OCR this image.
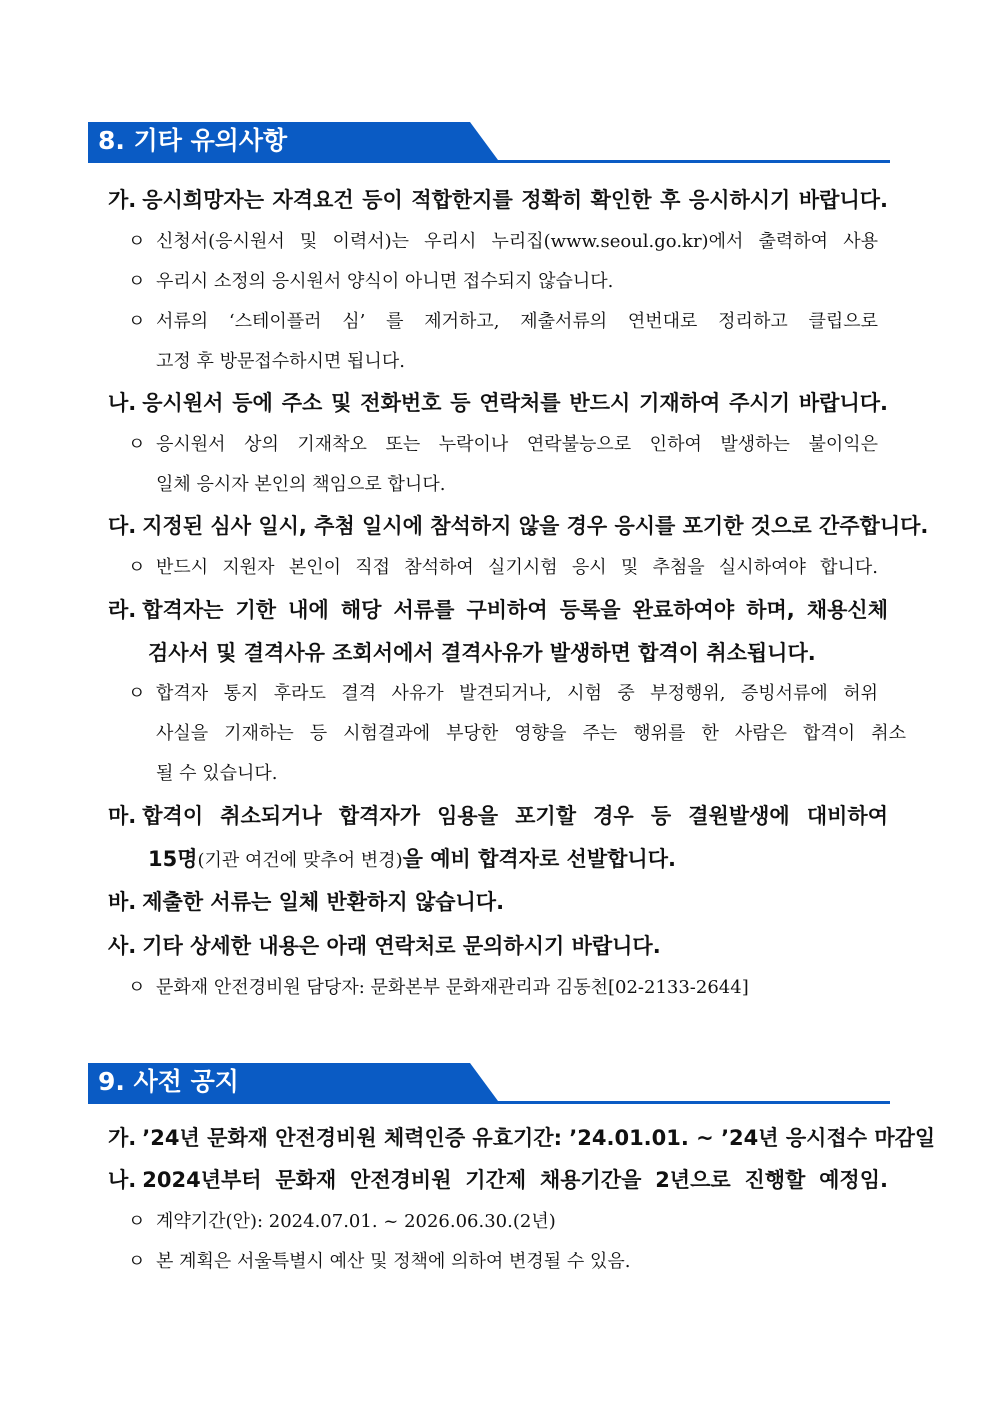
8. 기타 유의사항
가. 응시희망자는 자격요건 등이 적합한지를 정확히 확인한 후 응시하시기 바랍니다.
ㅇ 신청서(응시원서 및 이력서)는 우리시 누리집(www.seoul.go.kr)에서 출력하여 사용
ㅇ 우리시 소정의 응시원서 양식이 아니면 접수되지 않습니다.
ㅇ 서류의 ‘스테이플러 심’ 를 제거하고, 제출서류의 연번대로 정리하고 클립으로
고정 후 방문접수하시면 됩니다.
나. 응시원서 등에 주소 및 전화번호 등 연락처를 반드시 기재하여 주시기 바랍니다.
ㅇ 응시원서 상의 기재착오 또는 누락이나 연락불능으로 인하여 발생하는 불이익은
일체 응시자 본인의 책임으로 합니다.
다. 지정된 심사 일시, 추첨 일시에 참석하지 않을 경우 응시를 포기한 것으로 간주합니다.
ㅇ 반드시 지원자 본인이 직접 참석하여 실기시험 응시 및 추첨을 실시하여야 합니다.
라. 합격자는 기한 내에 해당 서류를 구비하여 등록을 완료하여야 하며, 채용신체
검사서 및 결격사유 조회서에서 결격사유가 발생하면 합격이 취소됩니다.
ㅇ 합격자 통지 후라도 결격 사유가 발견되거나, 시험 중 부정행위, 증빙서류에 허위
사실을 기재하는 등 시험결과에 부당한 영향을 주는 행위를 한 사람은 합격이 취소
될 수 있습니다.
마. 합격이 취소되거나 합격자가 임용을 포기할 경우 등 결원발생에 대비하여
15명(기관 여건에 맞추어 변경)을 예비 합격자로 선발합니다.
바. 제출한 서류는 일체 반환하지 않습니다.
사. 기타 상세한 내용은 아래 연락처로 문의하시기 바랍니다.
ㅇ 문화재 안전경비원 담당자: 문화본부 문화재관리과 김동천[02-2133-2644]
9. 사전 공지
가. ’24년 문화재 안전경비원 체력인증 유효기간: ’24.01.01. ~ ’24년 응시접수 마감일
나. 2024년부터 문화재 안전경비원 기간제 채용기간을 2년으로 진행할 예정임.
ㅇ 계약기간(안): 2024.07.01. ~ 2026.06.30.(2년)
ㅇ 본 계획은 서울특별시 예산 및 정책에 의하여 변경될 수 있음.
